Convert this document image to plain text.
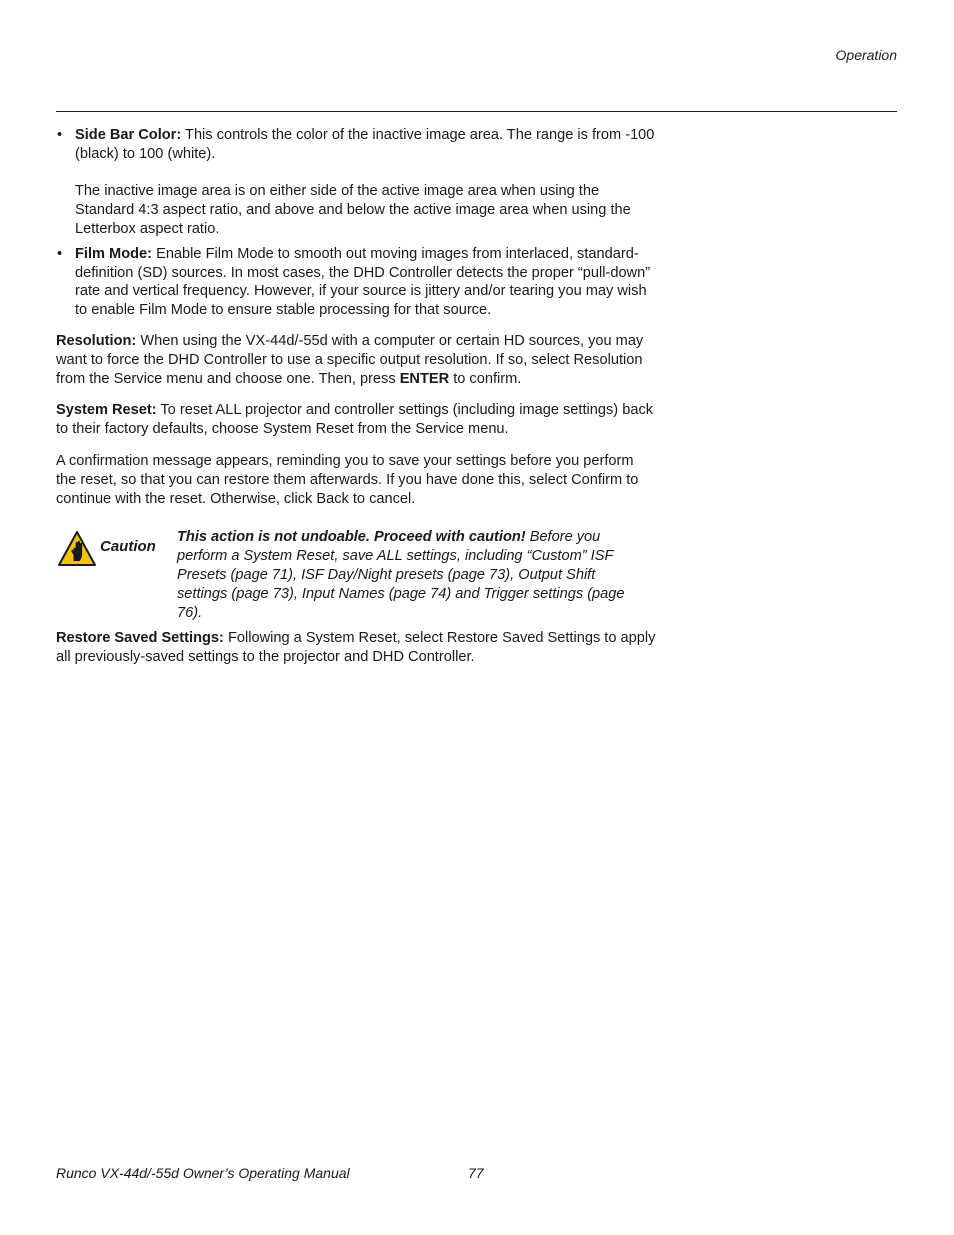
Operation
• Side Bar Color: This controls the color of the inactive image area. The range is from -100 (black) to 100 (white).

The inactive image area is on either side of the active image area when using the Standard 4:3 aspect ratio, and above and below the active image area when using the Letterbox aspect ratio.

• Film Mode: Enable Film Mode to smooth out moving images from interlaced, standard-definition (SD) sources. In most cases, the DHD Controller detects the proper “pull-down” rate and vertical frequency. However, if your source is jittery and/or tearing you may wish to enable Film Mode to ensure stable processing for that source.

Resolution: When using the VX-44d/-55d with a computer or certain HD sources, you may want to force the DHD Controller to use a specific output resolution. If so, select Resolution from the Service menu and choose one. Then, press ENTER to confirm.

System Reset: To reset ALL projector and controller settings (including image settings) back to their factory defaults, choose System Reset from the Service menu.

A confirmation message appears, reminding you to save your settings before you perform the reset, so that you can restore them afterwards. If you have done this, select Confirm to continue with the reset. Otherwise, click Back to cancel.

Caution
This action is not undoable. Proceed with caution! Before you perform a System Reset, save ALL settings, including “Custom” ISF Presets (page 71), ISF Day/Night presets (page 73), Output Shift settings (page 73), Input Names (page 74) and Trigger settings (page 76).

Restore Saved Settings: Following a System Reset, select Restore Saved Settings to apply all previously-saved settings to the projector and DHD Controller.

Runco VX-44d/-55d Owner’s Operating Manual	77
